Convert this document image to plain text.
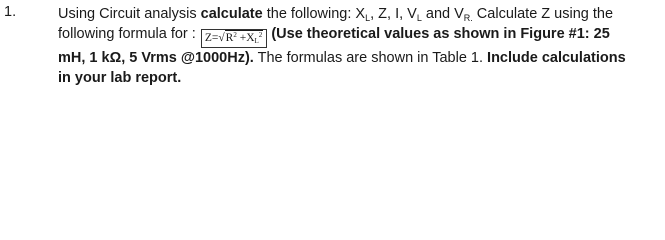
1.	Using Circuit analysis calculate the following: $X_L$, Z, I, $V_L$ and $V_{R.}$ Calculate Z using the
following formula for : $Z=√R^2 +X_L^2$ (Use theoretical values as shown in Figure #1: 25
mH, 1 kΩ, 5 Vrms @1000Hz). The formulas are shown in Table 1. Include calculations
in your lab report.
